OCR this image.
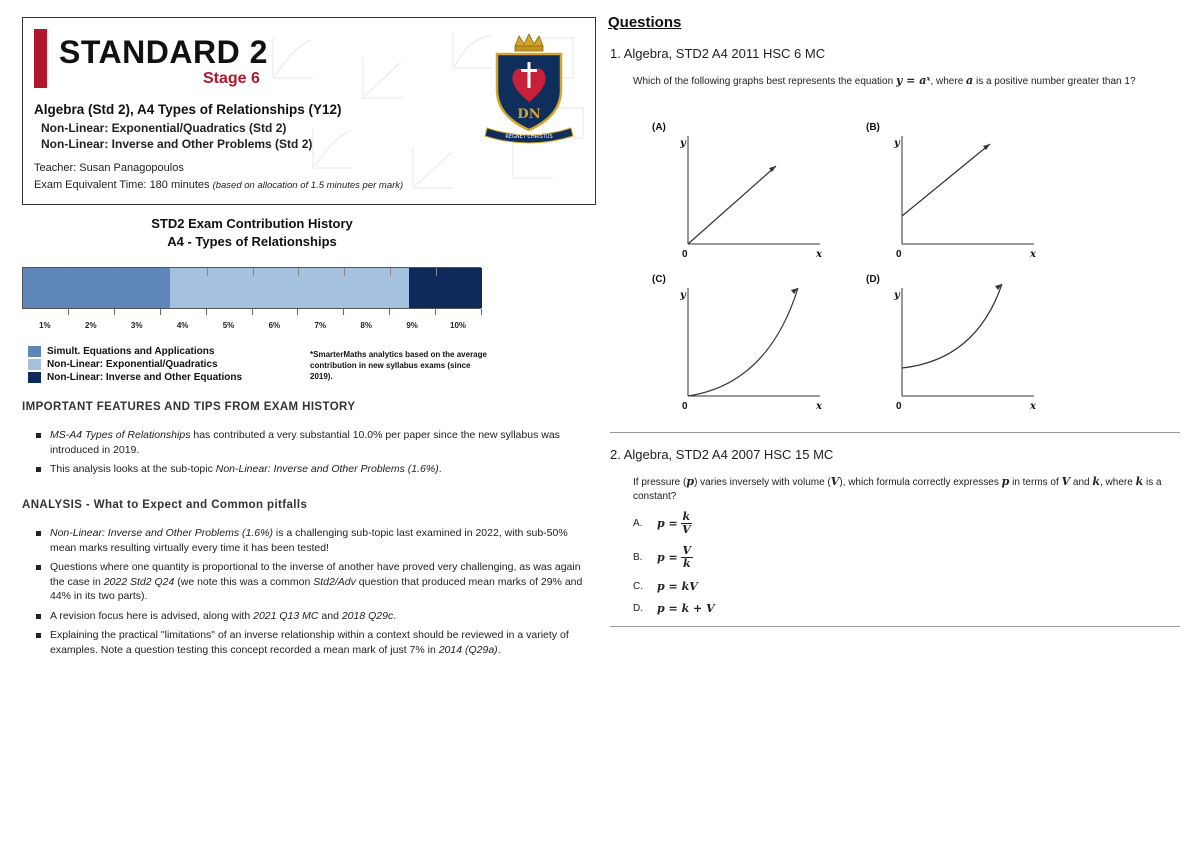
STANDARD 2
Stage 6
Algebra (Std 2), A4 Types of Relationships (Y12)
Non-Linear: Exponential/Quadratics (Std 2)
Non-Linear: Inverse and Other Problems (Std 2)
Teacher: Susan Panagopoulos
Exam Equivalent Time: 180 minutes (based on allocation of 1.5 minutes per mark)
DN
REGNET CHRISTUS
STD2 Exam Contribution History
A4 - Types of Relationships
1%	2%	3%	4%	5%	6%	7%	8%	9%	10%
Simult. Equations and Applications
Non-Linear: Exponential/Quadratics
Non-Linear: Inverse and Other Equations
*SmarterMaths analytics based on the average contribution in new syllabus exams (since 2019).
IMPORTANT FEATURES AND TIPS FROM EXAM HISTORY
MS-A4 Types of Relationships has contributed a very substantial 10.0% per paper since the new syllabus was introduced in 2019.
This analysis looks at the sub-topic Non-Linear: Inverse and Other Problems (1.6%).
ANALYSIS - What to Expect and Common pitfalls
Non-Linear: Inverse and Other Problems (1.6%) is a challenging sub-topic last examined in 2022, with sub-50% mean marks resulting virtually every time it has been tested!
Questions where one quantity is proportional to the inverse of another have proved very challenging, as was again the case in 2022 Std2 Q24 (we note this was a common Std2/Adv question that produced mean marks of 29% and 44% in its two parts).
A revision focus here is advised, along with 2021 Q13 MC and 2018 Q29c.
Explaining the practical "limitations" of an inverse relationship within a context should be reviewed in a variety of examples. Note a question testing this concept recorded a mean mark of just 7% in 2014 (Q29a).
Questions
1. Algebra, STD2 A4 2011 HSC 6 MC
Which of the following graphs best represents the equation y = aˣ, where a is a positive number greater than 1?
(A)
y
x
0
(B)
y
x
0
(C)
y
x
0
(D)
y
x
0
2. Algebra, STD2 A4 2007 HSC 15 MC
If pressure (p) varies inversely with volume (V), which formula correctly expresses p in terms of V and k, where k is a constant?
A.	p =
$\frac{k}{V}$
B.	p =
$\frac{V}{k}$
C.	p = kV
D.	p = k + V
